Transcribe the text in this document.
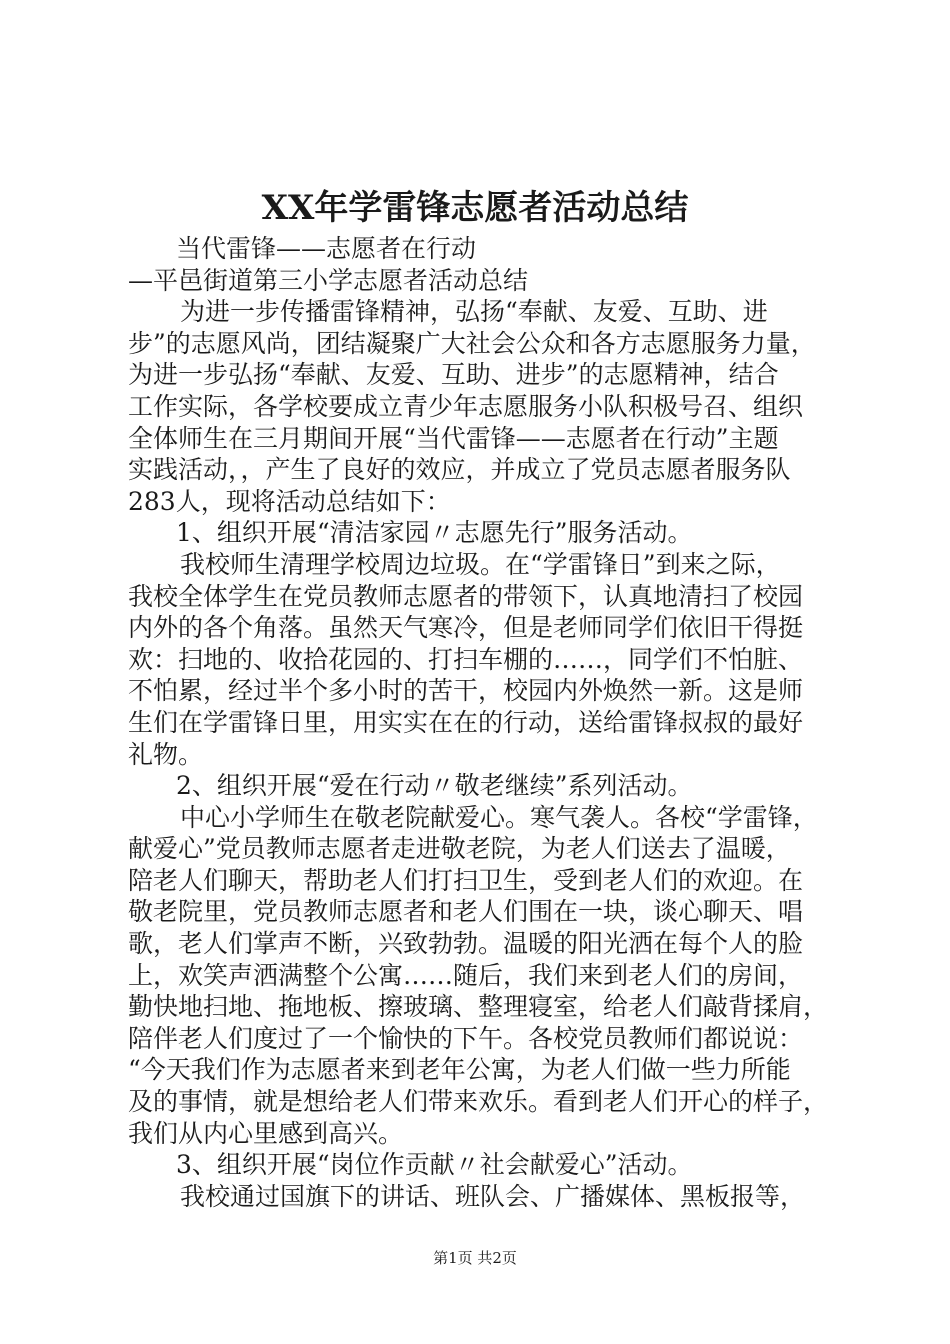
XX年学雷锋志愿者活动总结
当代雷锋——志愿者在行动
—平邑街道第三小学志愿者活动总结
为进一步传播雷锋精神，弘扬“奉献、友爱、互助、进
步”的志愿风尚，团结凝聚广大社会公众和各方志愿服务力量，
为进一步弘扬“奉献、友爱、互助、进步”的志愿精神，结合
工作实际，各学校要成立青少年志愿服务小队积极号召、组织
全体师生在三月期间开展“当代雷锋——志愿者在行动”主题
实践活动，，产生了良好的效应，并成立了党员志愿者服务队
283人，现将活动总结如下：
1、组织开展“清洁家园〃志愿先行”服务活动。
我校师生清理学校周边垃圾。在“学雷锋日”到来之际，
我校全体学生在党员教师志愿者的带领下，认真地清扫了校园
内外的各个角落。虽然天气寒冷，但是老师同学们依旧干得挺
欢：扫地的、收拾花园的、打扫车棚的……，同学们不怕脏、
不怕累，经过半个多小时的苦干，校园内外焕然一新。这是师
生们在学雷锋日里，用实实在在的行动，送给雷锋叔叔的最好
礼物。
2、组织开展“爱在行动〃敬老继续”系列活动。
中心小学师生在敬老院献爱心。寒气袭人。各校“学雷锋，
献爱心”党员教师志愿者走进敬老院，为老人们送去了温暖，
陪老人们聊天，帮助老人们打扫卫生，受到老人们的欢迎。在
敬老院里，党员教师志愿者和老人们围在一块，谈心聊天、唱
歌，老人们掌声不断，兴致勃勃。温暖的阳光洒在每个人的脸
上，欢笑声洒满整个公寓……随后，我们来到老人们的房间，
勤快地扫地、拖地板、擦玻璃、整理寝室，给老人们敲背揉肩，
陪伴老人们度过了一个愉快的下午。各校党员教师们都说说：
“今天我们作为志愿者来到老年公寓，为老人们做一些力所能
及的事情，就是想给老人们带来欢乐。看到老人们开心的样子，
我们从内心里感到高兴。
3、组织开展“岗位作贡献〃社会献爱心”活动。
我校通过国旗下的讲话、班队会、广播媒体、黑板报等，
第1页 共2页
